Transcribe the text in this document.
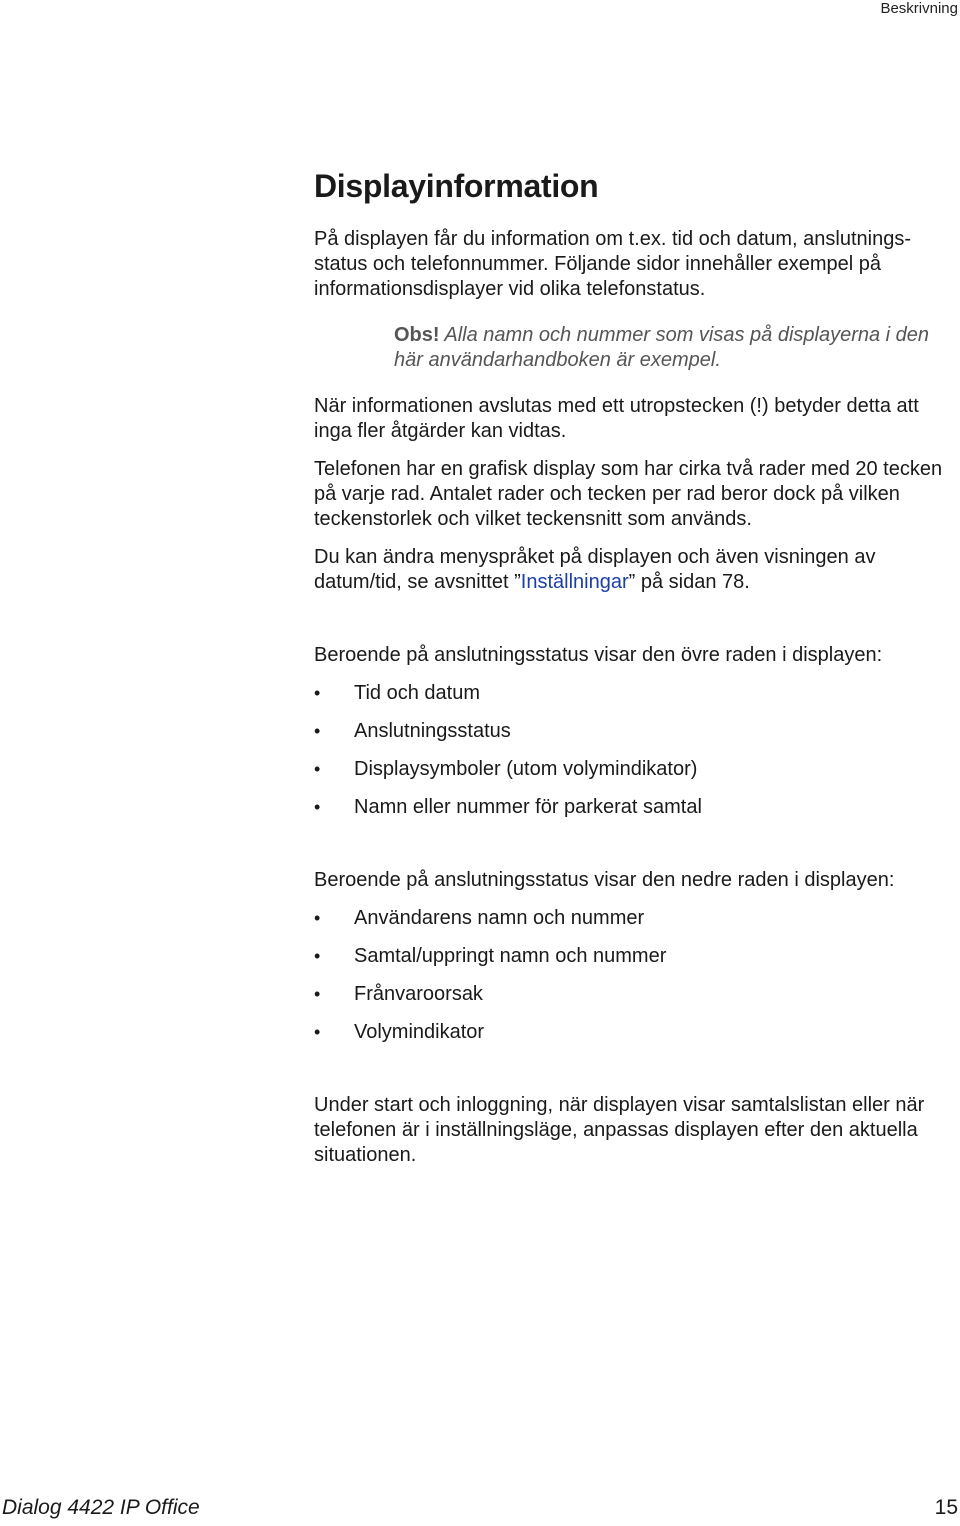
Beskrivning
Displayinformation

På displayen får du information om t.ex. tid och datum, anslutnings-status och telefonnummer. Följande sidor innehåller exempel på informationsdisplayer vid olika telefonstatus.

Obs! Alla namn och nummer som visas på displayerna i den här användarhandboken är exempel.

När informationen avslutas med ett utropstecken (!) betyder detta att inga fler åtgärder kan vidtas.

Telefonen har en grafisk display som har cirka två rader med 20 tecken på varje rad. Antalet rader och tecken per rad beror dock på vilken teckenstorlek och vilket teckensnitt som används.

Du kan ändra menyspråket på displayen och även visningen av datum/tid, se avsnittet ”Inställningar” på sidan 78.

Beroende på anslutningsstatus visar den övre raden i displayen:

• Tid och datum
• Anslutningsstatus
• Displaysymboler (utom volymindikator)
• Namn eller nummer för parkerat samtal

Beroende på anslutningsstatus visar den nedre raden i displayen:

• Användarens namn och nummer
• Samtal/uppringt namn och nummer
• Frånvaroorsak
• Volymindikator

Under start och inloggning, när displayen visar samtalslistan eller när telefonen är i inställningsläge, anpassas displayen efter den aktuella situationen.

Dialog 4422 IP Office	15
